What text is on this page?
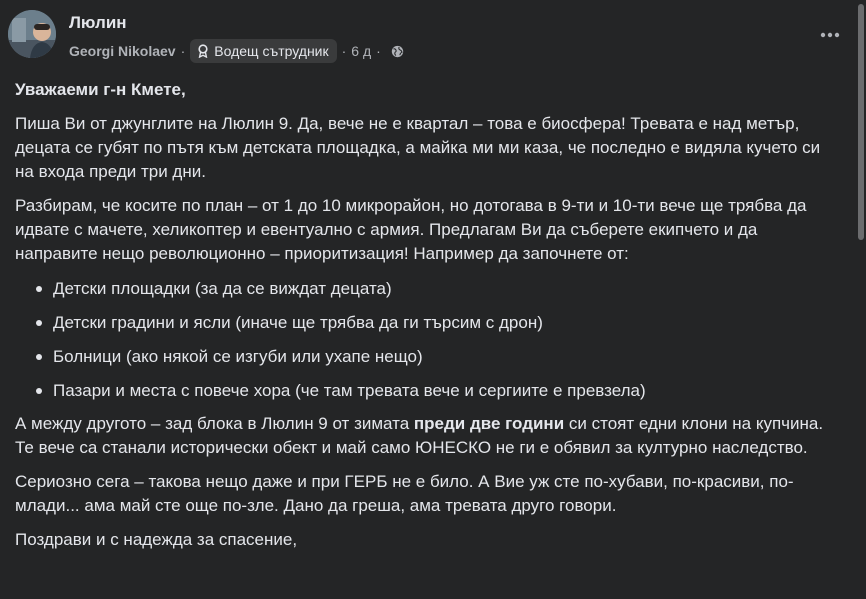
Люлин
Georgi Nikolaev · Водещ сътрудник · 6 д ·

Уважаеми г-н Кмете,

Пиша Ви от джунглите на Люлин 9. Да, вече не е квартал – това е биосфера! Тревата е над метър, децата се губят по пътя към детската площадка, а майка ми ми каза, че последно е видяла кучето си на входа преди три дни.

Разбирам, че косите по план – от 1 до 10 микрорайон, но дотогава в 9-ти и 10-ти вече ще трябва да идвате с мачете, хеликоптер и евентуално с армия. Предлагам Ви да съберете екипчето и да направите нещо революционно – приоритизация! Например да започнете от:

Детски площадки (за да се виждат децата)
Детски градини и ясли (иначе ще трябва да ги търсим с дрон)
Болници (ако някой се изгуби или ухапе нещо)
Пазари и места с повече хора (че там тревата вече и сергиите е превзела)

А между другото – зад блока в Люлин 9 от зимата преди две години си стоят едни клони на купчина. Те вече са станали исторически обект и май само ЮНЕСКО не ги е обявил за културно наследство.

Сериозно сега – такова нещо даже и при ГЕРБ не е било. А Вие уж сте по-хубави, по-красиви, по-млади... ама май сте още по-зле. Дано да греша, ама тревата друго говори.

Поздрави и с надежда за спасение,
